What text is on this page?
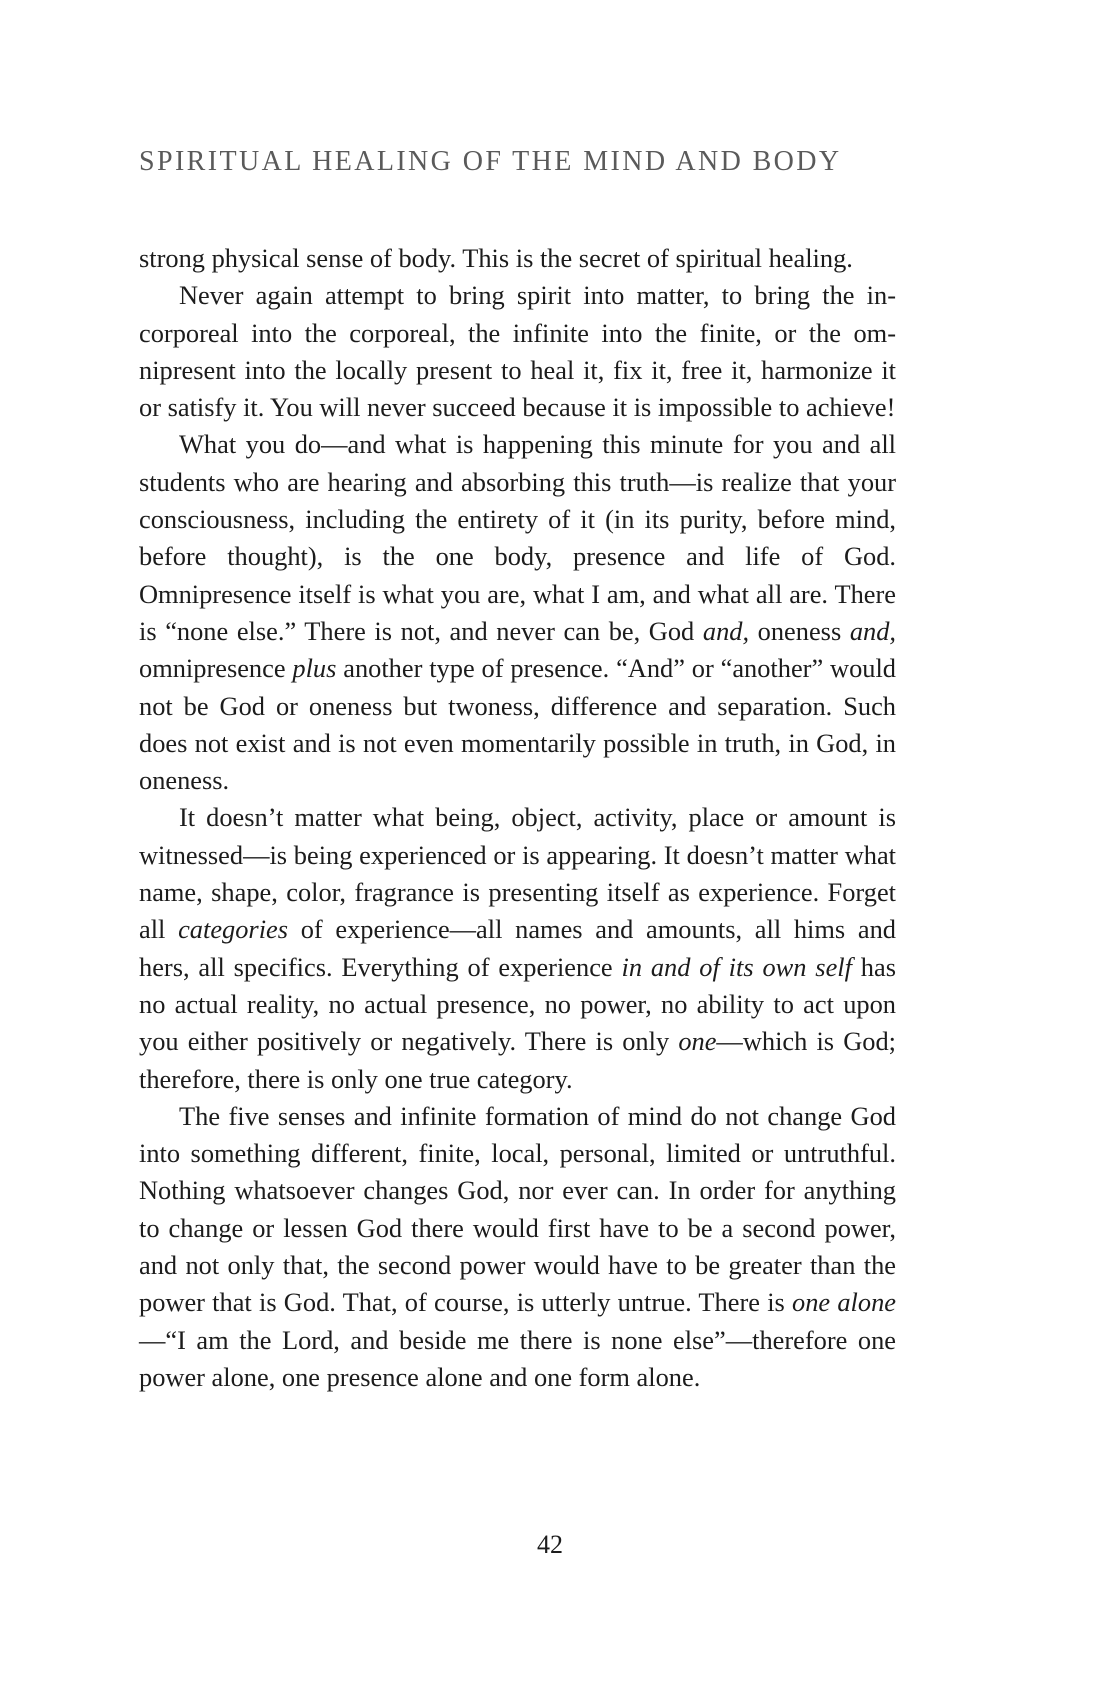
SPIRITUAL HEALING OF THE MIND AND BODY

strong physical sense of body. This is the secret of spiritual healing.

Never again attempt to bring spirit into matter, to bring the incorporeal into the corporeal, the infinite into the finite, or the omnipresent into the locally present to heal it, fix it, free it, harmonize it or satisfy it. You will never succeed because it is impossible to achieve!

What you do—and what is happening this minute for you and all students who are hearing and absorbing this truth—is realize that your consciousness, including the entirety of it (in its purity, before mind, before thought), is the one body, presence and life of God. Omnipresence itself is what you are, what I am, and what all are. There is “none else.” There is not, and never can be, God and, oneness and, omnipresence plus another type of presence. “And” or “another” would not be God or oneness but twoness, difference and separation. Such does not exist and is not even momentarily possible in truth, in God, in oneness.

It doesn’t matter what being, object, activity, place or amount is witnessed—is being experienced or is appearing. It doesn’t matter what name, shape, color, fragrance is presenting itself as experience. Forget all categories of experience—all names and amounts, all hims and hers, all specifics. Everything of experience in and of its own self has no actual reality, no actual presence, no power, no ability to act upon you either positively or negatively. There is only one—which is God; therefore, there is only one true category.

The five senses and infinite formation of mind do not change God into something different, finite, local, personal, limited or untruthful. Nothing whatsoever changes God, nor ever can. In order for anything to change or lessen God there would first have to be a second power, and not only that, the second power would have to be greater than the power that is God. That, of course, is utterly untrue. There is one alone—“I am the Lord, and beside me there is none else”—therefore one power alone, one presence alone and one form alone.

42
